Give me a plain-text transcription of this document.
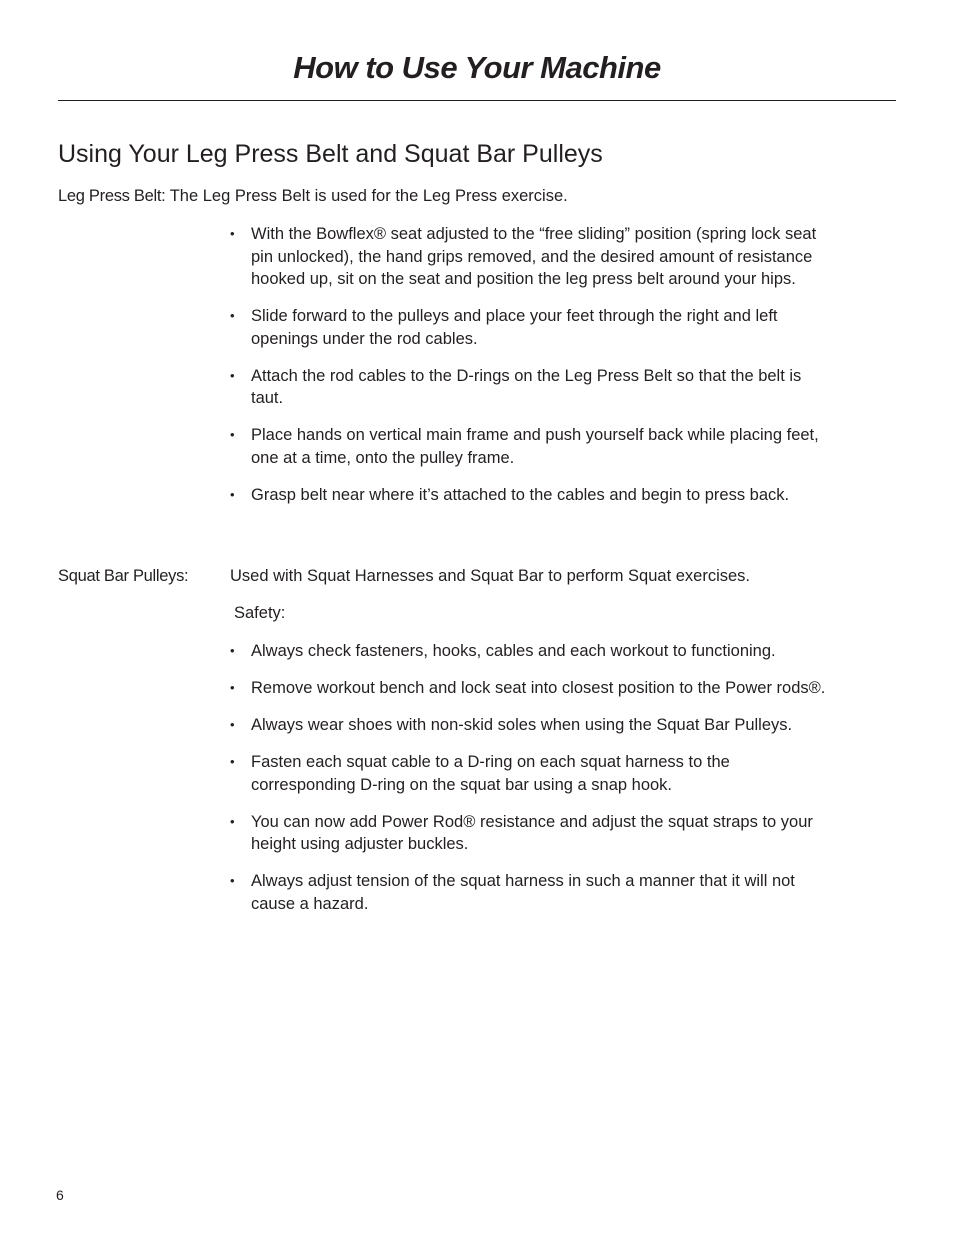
How to Use Your Machine
Using Your Leg Press Belt and Squat Bar Pulleys
Leg Press Belt: The Leg Press Belt is used for the Leg Press exercise.
• With the Bowflex® seat adjusted to the “free sliding” position (spring lock seat pin unlocked), the hand grips removed, and the desired amount of resistance hooked up, sit on the seat and position the leg press belt around your hips.
• Slide forward to the pulleys and place your feet through the right and left openings under the rod cables.
• Attach the rod cables to the D-rings on the Leg Press Belt so that the belt is taut.
• Place hands on vertical main frame and push yourself back while placing feet, one at a time, onto the pulley frame.
• Grasp belt near where it’s attached to the cables and begin to press back.
Squat Bar Pulleys:	Used with Squat Harnesses and Squat Bar to perform Squat exercises.
Safety:
• Always check fasteners, hooks, cables and each workout to functioning.
• Remove workout bench and lock seat into closest position to the Power rods®.
• Always wear shoes with non-skid soles when using the Squat Bar Pulleys.
• Fasten each squat cable to a D-ring on each squat harness to the corresponding D-ring on the squat bar using a snap hook.
• You can now add Power Rod® resistance and adjust the squat straps to your height using adjuster buckles.
• Always adjust tension of the squat harness in such a manner that it will not cause a hazard.
6
